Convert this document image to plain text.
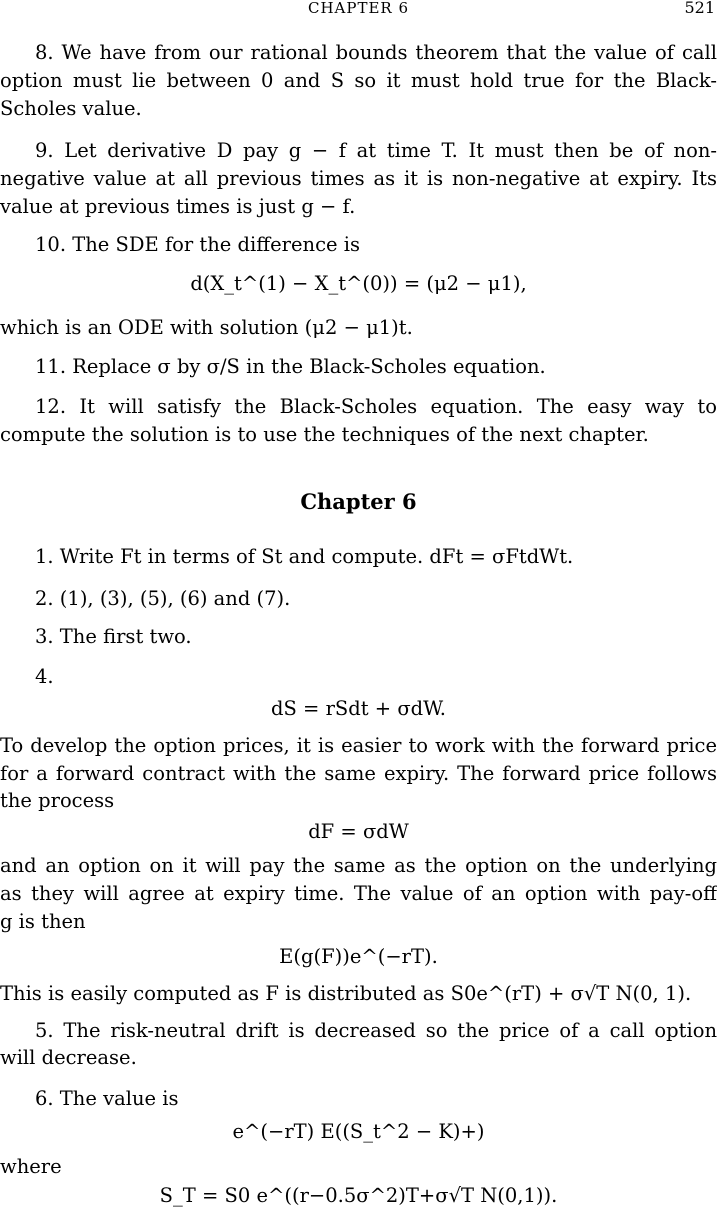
CHAPTER 6	521
8. We have from our rational bounds theorem that the value of call
option must lie between 0 and S so it must hold true for the Black-
Scholes value.
9. Let derivative D pay g − f at time T. It must then be of non-
negative value at all previous times as it is non-negative at expiry. Its
value at previous times is just g − f.
10. The SDE for the difference is
d(X_t^(1) − X_t^(0)) = (μ2 − μ1),
which is an ODE with solution (μ2 − μ1)t.
11. Replace σ by σ/S in the Black-Scholes equation.
12. It will satisfy the Black-Scholes equation. The easy way to
compute the solution is to use the techniques of the next chapter.
Chapter 6
1. Write Ft in terms of St and compute. dFt = σFtdWt.
2. (1), (3), (5), (6) and (7).
3. The first two.
4.
dS = rSdt + σdW.
To develop the option prices, it is easier to work with the forward price
for a forward contract with the same expiry. The forward price follows
the process
dF = σdW
and an option on it will pay the same as the option on the underlying
as they will agree at expiry time. The value of an option with pay-off
g is then
E(g(F))e^(−rT).
This is easily computed as F is distributed as S0e^(rT) + σ√T N(0, 1).
5. The risk-neutral drift is decreased so the price of a call option
will decrease.
6. The value is
e^(−rT) E((S_t^2 − K)+)
where
S_T = S0 e^((r−0.5σ^2)T+σ√T N(0,1)).
